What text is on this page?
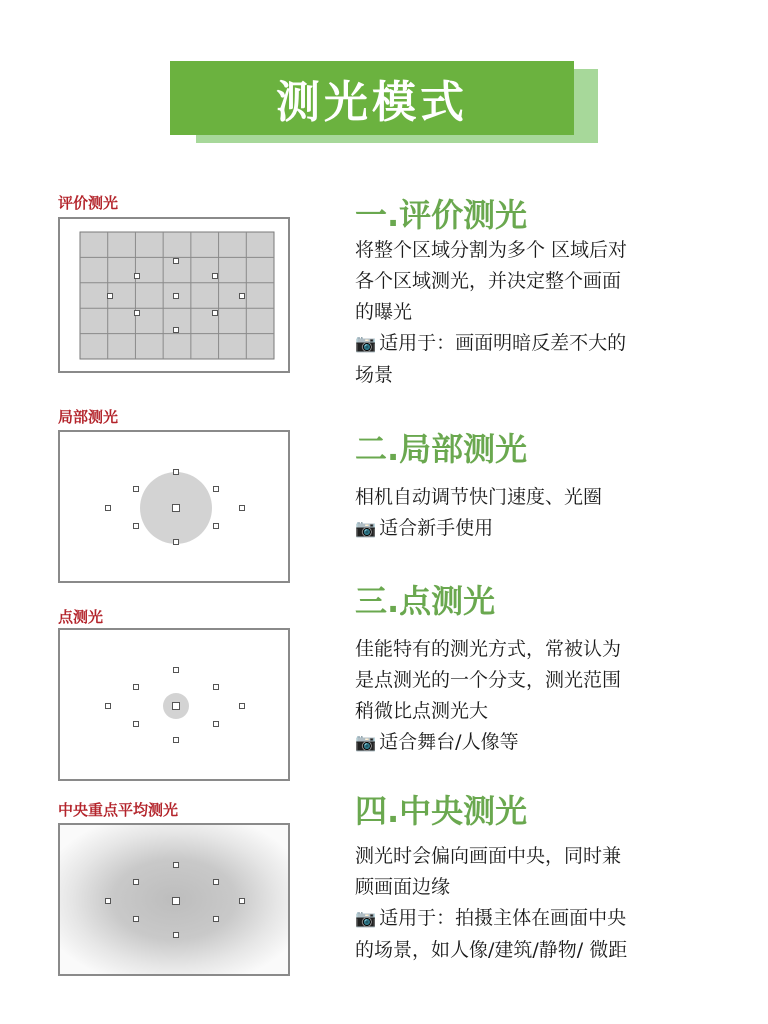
测光模式
评价测光
局部测光
点测光
中央重点平均测光
一.评价测光

将整个区域分割为多个 区域后对

各个区域测光，并决定整个画面

的曝光

📷 适用于：画面明暗反差不大的

场景

二.局部测光

相机自动调节快门速度、光圈

📷 适合新手使用

三.点测光

佳能特有的测光方式，常被认为

是点测光的一个分支，测光范围

稍微比点测光大

📷 适合舞台/人像等

四.中央测光

测光时会偏向画面中央，同时兼

顾画面边缘

📷 适用于：拍摄主体在画面中央

的场景，如人像/建筑/静物/ 微距
